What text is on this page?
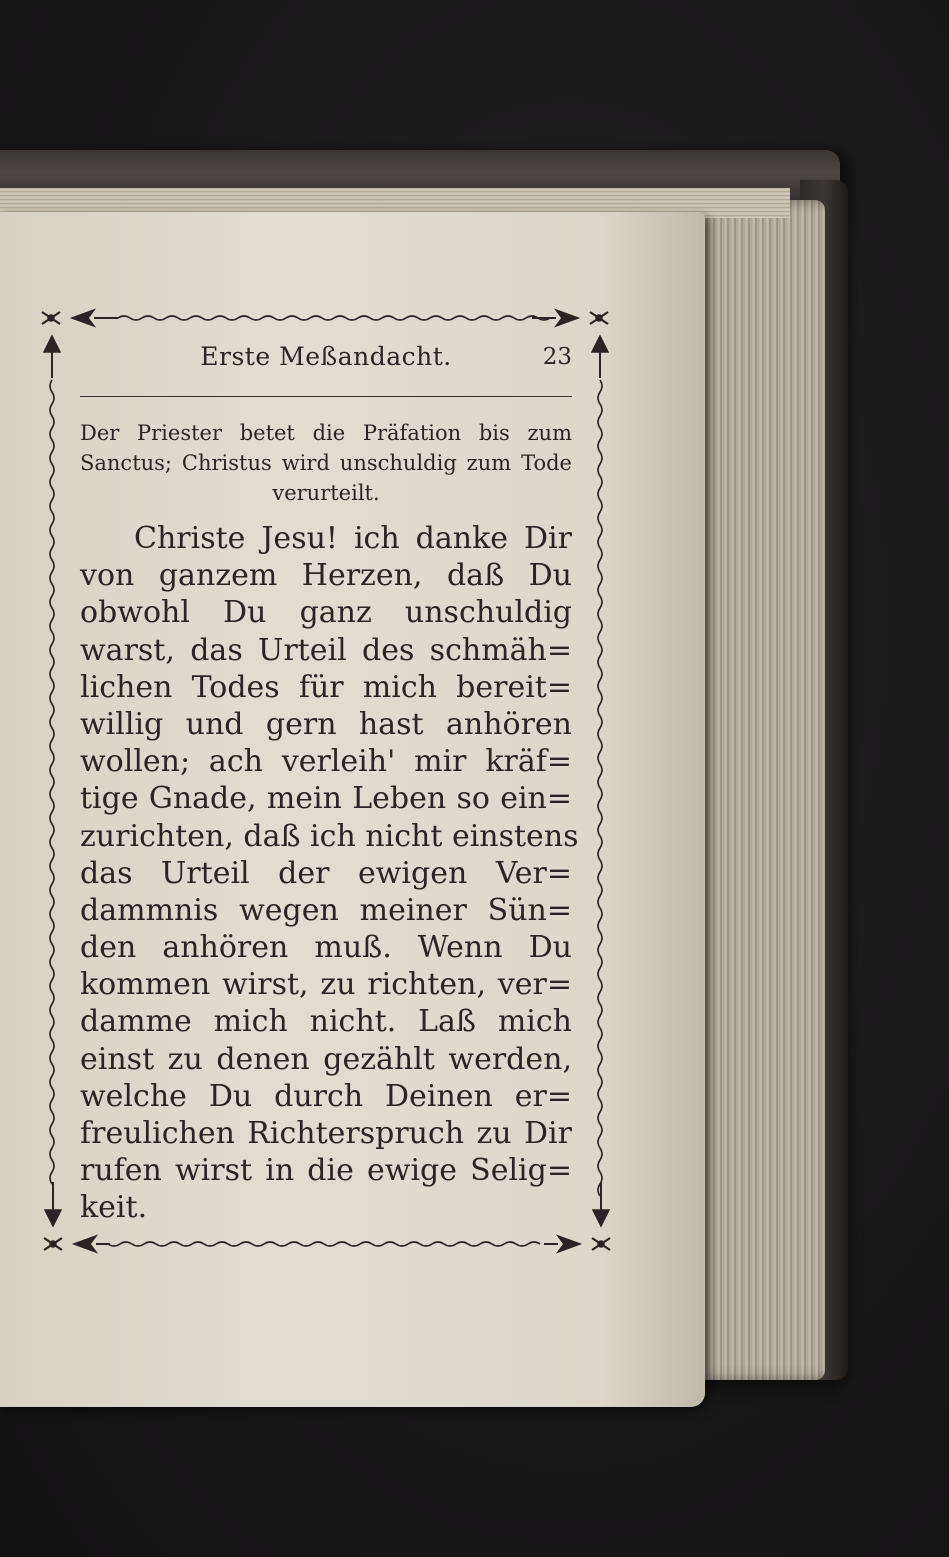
Erste Meßandacht.	23
Der Priester betet die Präfation bis zum Sanctus; Christus wird unschuldig zum Tode verurteilt.
Christe Jesu! ich danke Dir
von ganzem Herzen, daß Du
obwohl Du ganz unschuldig
warst, das Urteil des schmäh=
lichen Todes für mich bereit=
willig und gern hast anhören
wollen; ach verleih' mir kräf=
tige Gnade, mein Leben so ein=
zurichten, daß ich nicht einstens
das Urteil der ewigen Ver=
dammnis wegen meiner Sün=
den anhören muß. Wenn Du
kommen wirst, zu richten, ver=
damme mich nicht. Laß mich
einst zu denen gezählt werden,
welche Du durch Deinen er=
freulichen Richterspruch zu Dir
rufen wirst in die ewige Selig=
keit.
